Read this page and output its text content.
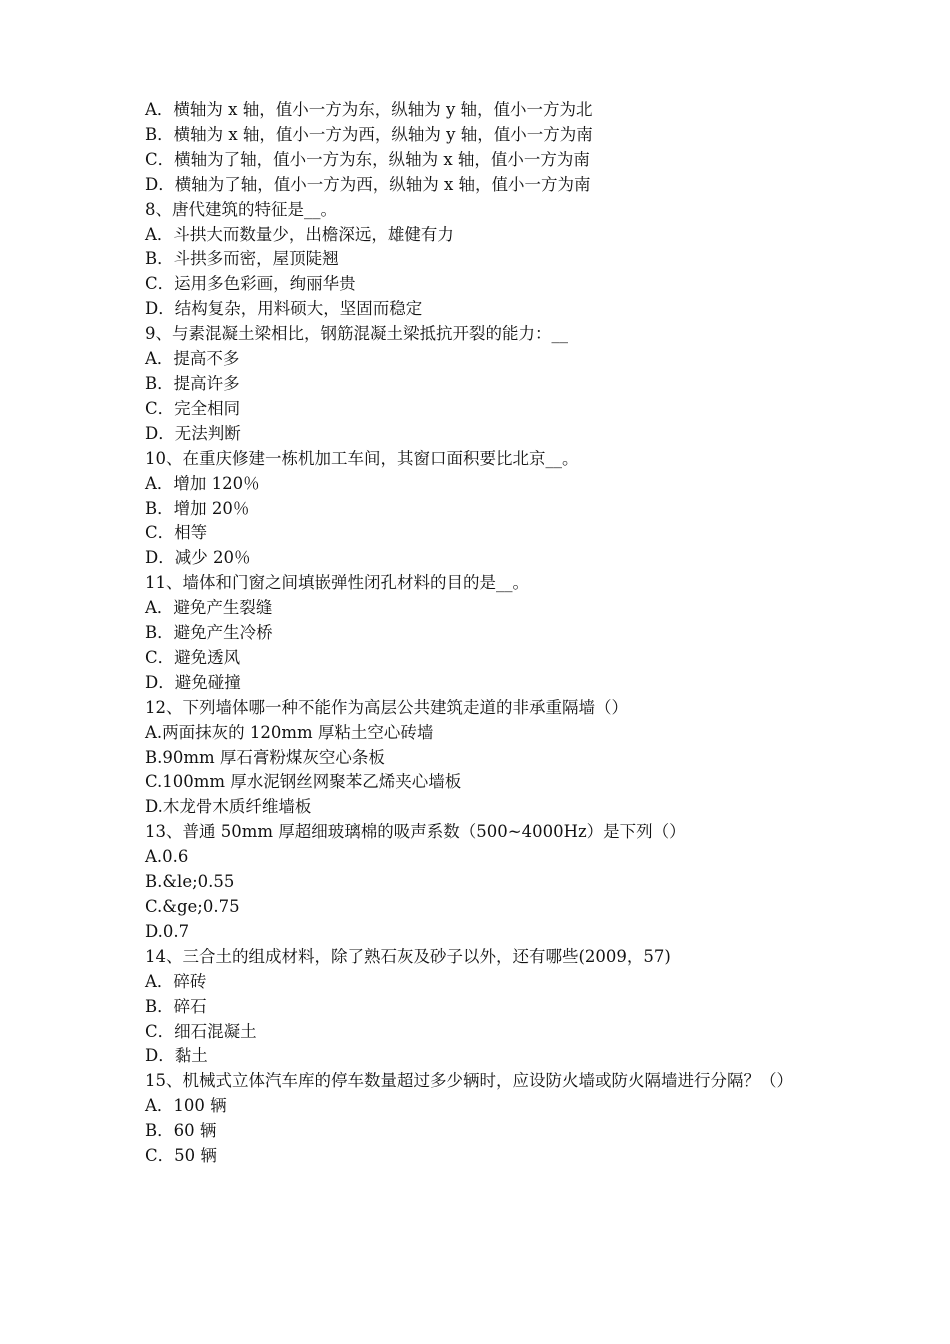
A．横轴为 x 轴，值小一方为东，纵轴为 y 轴，值小一方为北
B．横轴为 x 轴，值小一方为西，纵轴为 y 轴，值小一方为南
C．横轴为了轴，值小一方为东，纵轴为 x 轴，值小一方为南
D．横轴为了轴，值小一方为西，纵轴为 x 轴，值小一方为南
8、唐代建筑的特征是__。
A．斗拱大而数量少，出檐深远，雄健有力
B．斗拱多而密，屋顶陡翘
C．运用多色彩画，绚丽华贵
D．结构复杂，用料硕大，坚固而稳定
9、与素混凝土梁相比，钢筋混凝土梁抵抗开裂的能力：__
A．提高不多
B．提高许多
C．完全相同
D．无法判断
10、在重庆修建一栋机加工车间，其窗口面积要比北京__。
A．增加 120％
B．增加 20％
C．相等
D．减少 20％
11、墙体和门窗之间填嵌弹性闭孔材料的目的是__。
A．避免产生裂缝
B．避免产生冷桥
C．避免透风
D．避免碰撞
12、下列墙体哪一种不能作为高层公共建筑走道的非承重隔墙（）
A.两面抹灰的 120mm 厚粘土空心砖墙
B.90mm 厚石膏粉煤灰空心条板
C.100mm 厚水泥钢丝网聚苯乙烯夹心墙板
D.木龙骨木质纤维墙板
13、普通 50mm 厚超细玻璃棉的吸声系数（500~4000Hz）是下列（）
A.0.6
B.&le;0.55
C.&ge;0.75
D.0.7
14、三合土的组成材料，除了熟石灰及砂子以外，还有哪些(2009，57)
A．碎砖
B．碎石
C．细石混凝土
D．黏土
15、机械式立体汽车库的停车数量超过多少辆时，应设防火墙或防火隔墙进行分隔？（）
A．100 辆
B．60 辆
C．50 辆
